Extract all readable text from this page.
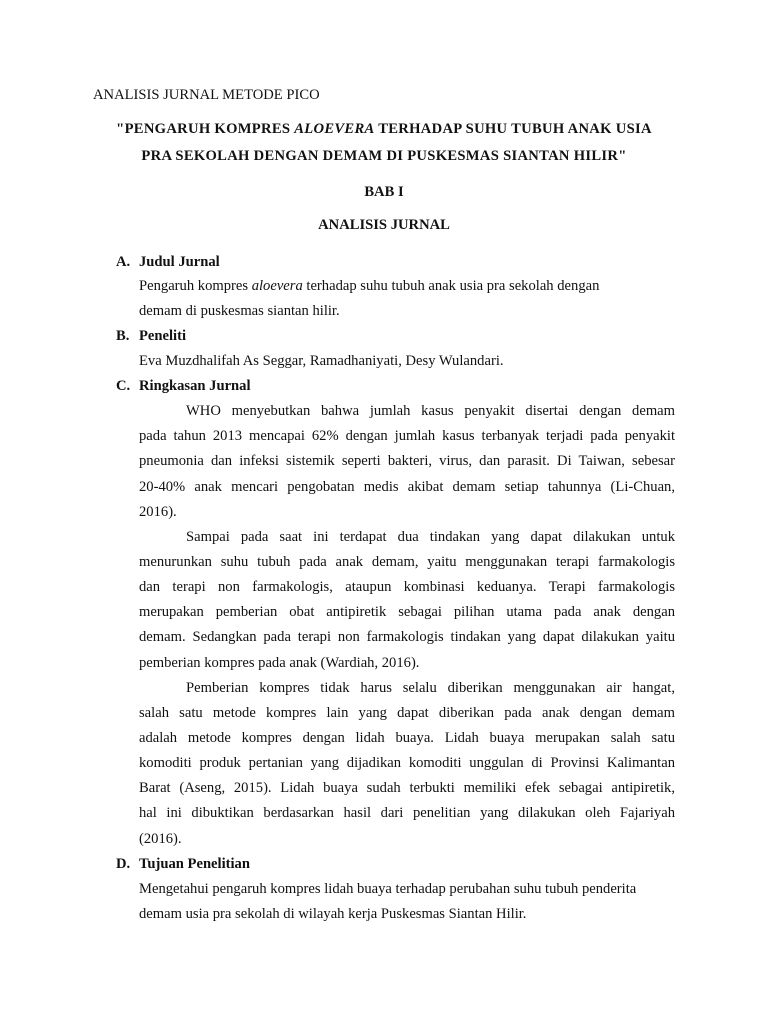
ANALISIS JURNAL METODE PICO
"PENGARUH KOMPRES ALOEVERA TERHADAP SUHU TUBUH ANAK USIA
PRA SEKOLAH DENGAN DEMAM DI PUSKESMAS SIANTAN HILIR"
BAB I
ANALISIS JURNAL
A. Judul Jurnal
Pengaruh kompres aloevera terhadap suhu tubuh anak usia pra sekolah dengan
demam di puskesmas siantan hilir.
B. Peneliti
Eva Muzdhalifah As Seggar, Ramadhaniyati, Desy Wulandari.
C. Ringkasan Jurnal
WHO menyebutkan bahwa jumlah kasus penyakit disertai dengan demam
pada tahun 2013 mencapai 62% dengan jumlah kasus terbanyak terjadi pada penyakit
pneumonia dan infeksi sistemik seperti bakteri, virus, dan parasit. Di Taiwan, sebesar
20-40% anak mencari pengobatan medis akibat demam setiap tahunnya (Li-Chuan,
2016).
Sampai pada saat ini terdapat dua tindakan yang dapat dilakukan untuk
menurunkan suhu tubuh pada anak demam, yaitu menggunakan terapi farmakologis
dan terapi non farmakologis, ataupun kombinasi keduanya. Terapi farmakologis
merupakan pemberian obat antipiretik sebagai pilihan utama pada anak dengan
demam. Sedangkan pada terapi non farmakologis tindakan yang dapat dilakukan yaitu
pemberian kompres pada anak (Wardiah, 2016).
Pemberian kompres tidak harus selalu diberikan menggunakan air hangat,
salah satu metode kompres lain yang dapat diberikan pada anak dengan demam
adalah metode kompres dengan lidah buaya. Lidah buaya merupakan salah satu
komoditi produk pertanian yang dijadikan komoditi unggulan di Provinsi Kalimantan
Barat (Aseng, 2015). Lidah buaya sudah terbukti memiliki efek sebagai antipiretik,
hal ini dibuktikan berdasarkan hasil dari penelitian yang dilakukan oleh Fajariyah
(2016).
D. Tujuan Penelitian
Mengetahui pengaruh kompres lidah buaya terhadap perubahan suhu tubuh penderita
demam usia pra sekolah di wilayah kerja Puskesmas Siantan Hilir.
